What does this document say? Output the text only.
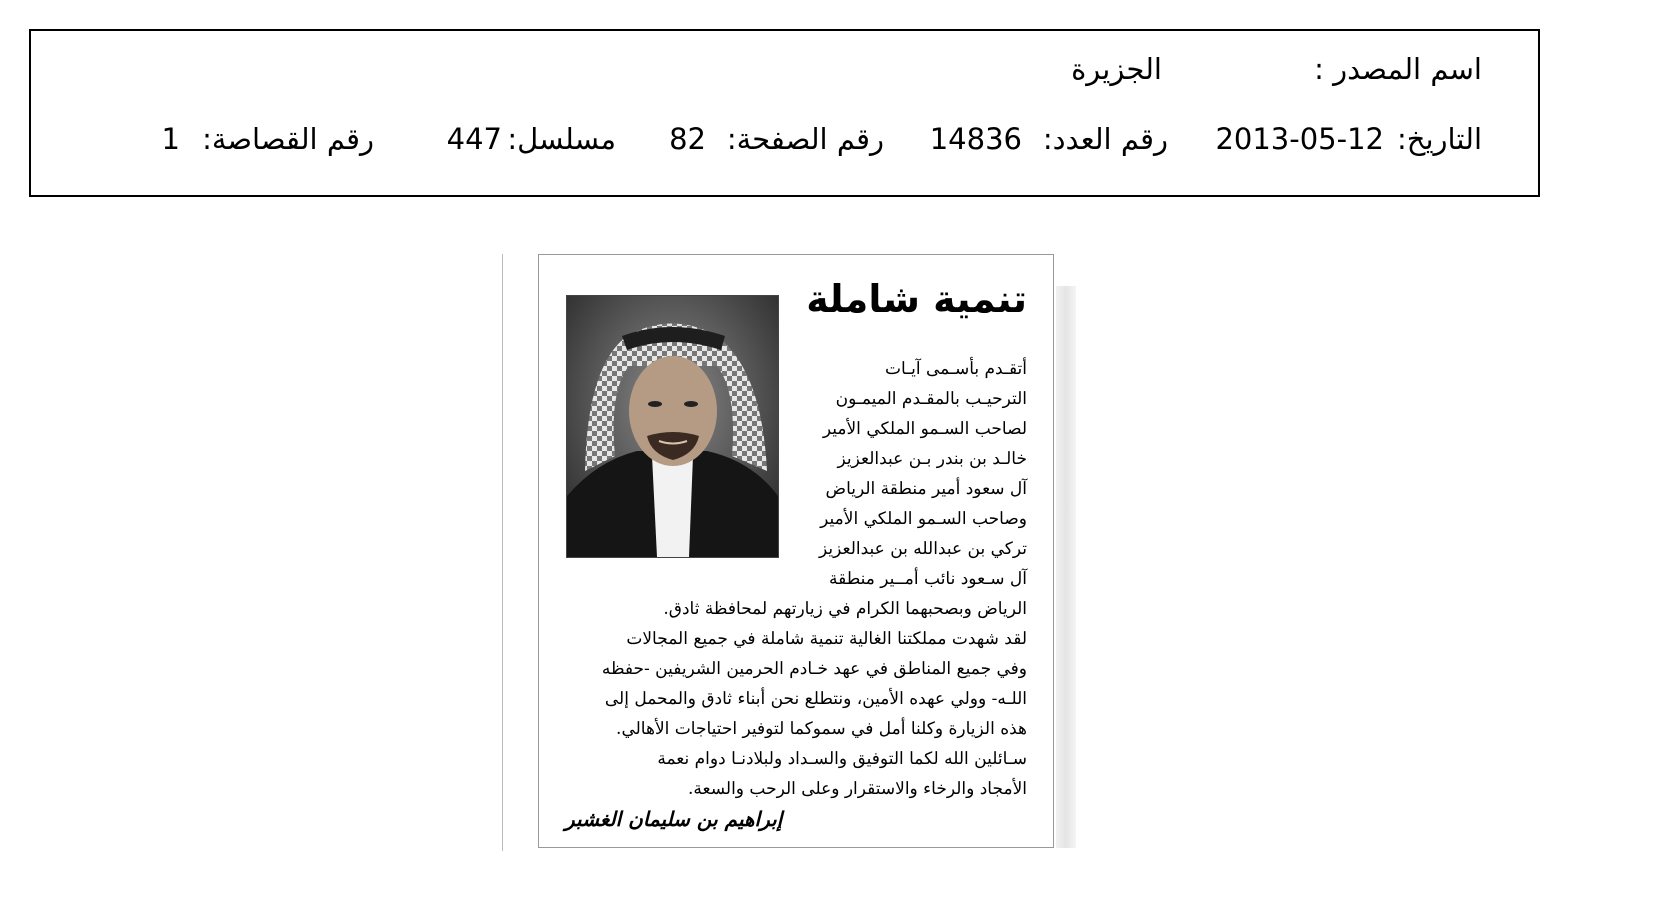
اسم المصدر :
الجزيرة
التاريخ:
2013-05-12
رقم العدد:
14836
رقم الصفحة:
82
مسلسل:
447
رقم القصاصة:
1
تنمية شاملة
أتقـدم بأسـمى آيـات
الترحيـب بالمقـدم الميمـون
لصاحب السـمو الملكي الأمير
خالـد بن بندر بـن عبدالعزيز
آل سعود أمير منطقة الرياض
وصاحب السـمو الملكي الأمير
تركي بن عبدالله بن عبدالعزيز
آل سـعود نائب أمــير منطقة
الرياض وبصحبهما الكرام في زيارتهم لمحافظة ثادق.
لقد شهدت مملكتنا الغالية تنمية شاملة في جميع المجالات
وفي جميع المناطق في عهد خـادم الحرمين الشريفين -حفظه
اللـه- وولي عهده الأمين، ونتطلع نحن أبناء ثادق والمحمل إلى
هذه الزيارة وكلنا أمل في سموكما لتوفير احتياجات الأهالي.
سـائلين الله لكما التوفيق والسـداد ولبلادنـا دوام نعمة
الأمجاد والرخاء والاستقرار وعلى الرحب والسعة.
إبراهيم بن سليمان الغشبر
